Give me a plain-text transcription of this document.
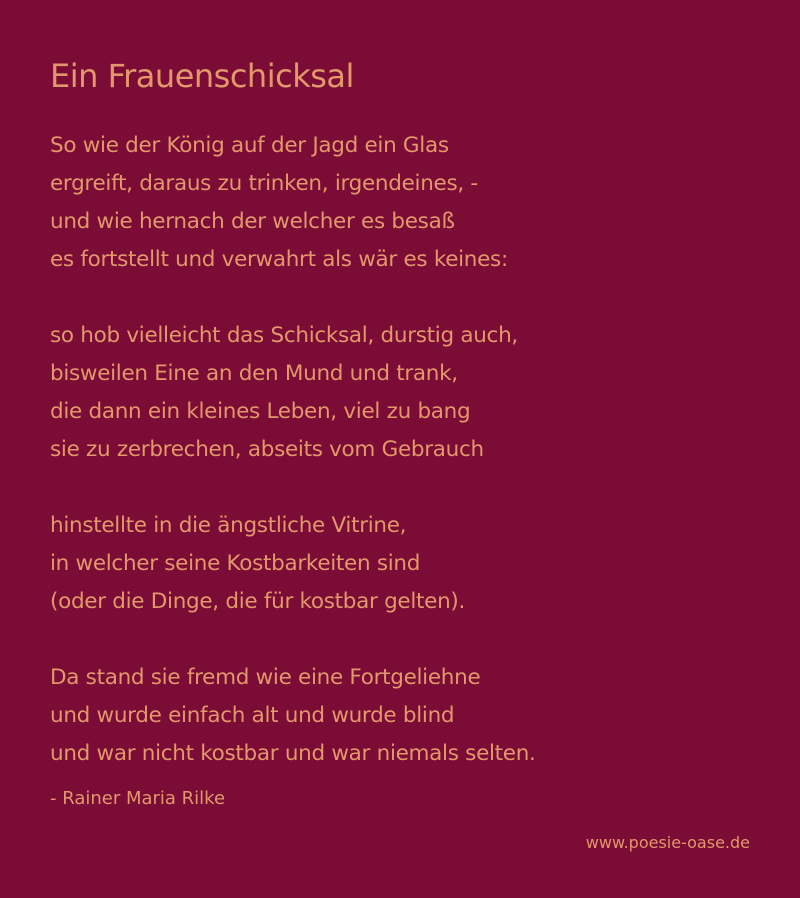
Ein Frauenschicksal
So wie der König auf der Jagd ein Glas
ergreift, daraus zu trinken, irgendeines, -
und wie hernach der welcher es besaß
es fortstellt und verwahrt als wär es keines:
so hob vielleicht das Schicksal, durstig auch,
bisweilen Eine an den Mund und trank,
die dann ein kleines Leben, viel zu bang
sie zu zerbrechen, abseits vom Gebrauch
hinstellte in die ängstliche Vitrine,
in welcher seine Kostbarkeiten sind
(oder die Dinge, die für kostbar gelten).
Da stand sie fremd wie eine Fortgeliehne
und wurde einfach alt und wurde blind
und war nicht kostbar und war niemals selten.
- Rainer Maria Rilke
www.poesie-oase.de
